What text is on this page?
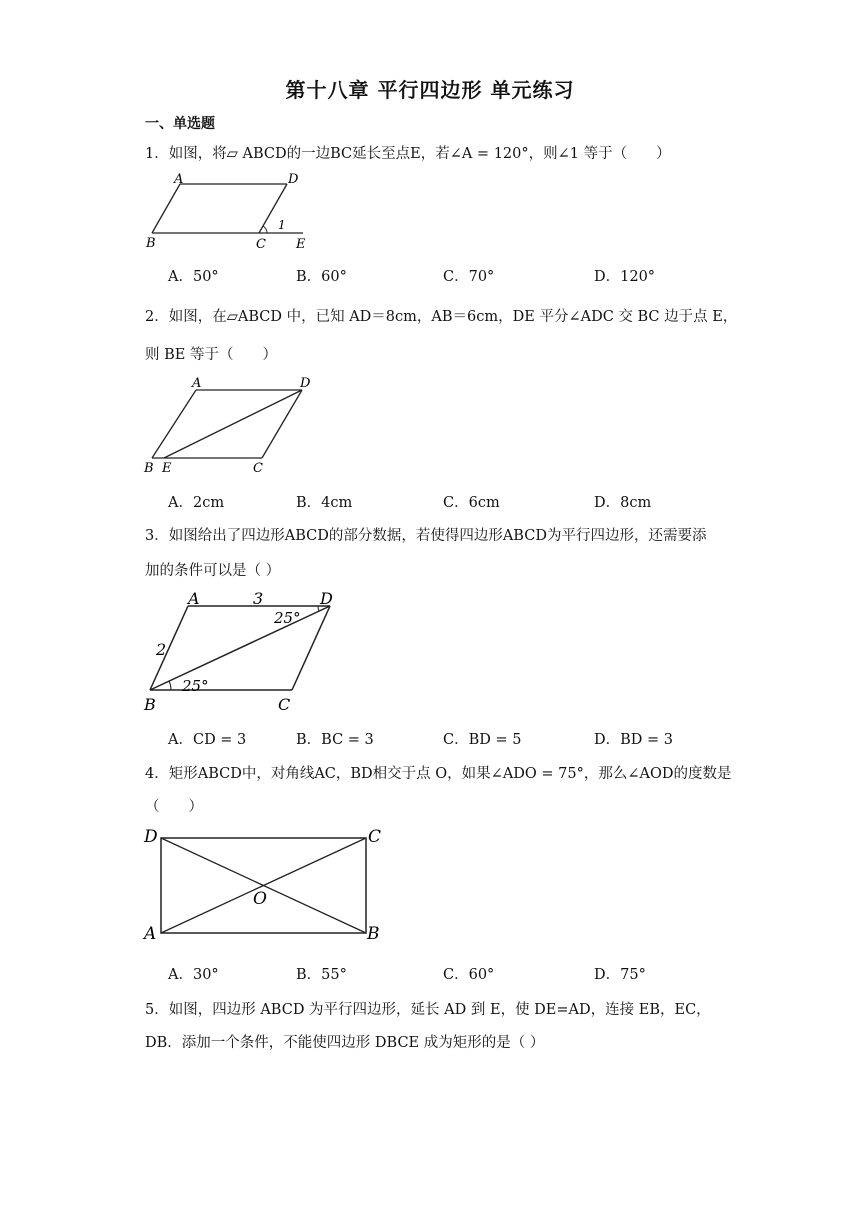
第十八章 平行四边形 单元练习
一、单选题
1．如图，将▱ ABCD的一边BC延长至点E，若∠A = 120°，则∠1 等于（　　）
A	D
B	C E
1
A．50°	B．60°	C．70°	D．120°
2．如图，在▱ABCD 中，已知 AD＝8cm，AB＝6cm，DE 平分∠ADC 交 BC 边于点 E，
则 BE 等于（　　）
A	D
B E	C
A．2cm	B．4cm	C．6cm	D．8cm
3．如图给出了四边形ABCD的部分数据，若使得四边形ABCD为平行四边形，还需要添
加的条件可以是（ ）
A	D
B	C
3
2
25°
25°
A．CD = 3	B．BC = 3	C．BD = 5	D．BD = 3
4．矩形ABCD中，对角线AC，BD相交于点 O，如果∠ADO = 75°，那么∠AOD的度数是
（　　）
D	C
A	B
O
A．30°	B．55°	C．60°	D．75°
5．如图，四边形 ABCD 为平行四边形，延长 AD 到 E，使 DE=AD，连接 EB，EC，
DB．添加一个条件，不能使四边形 DBCE 成为矩形的是（ ）
